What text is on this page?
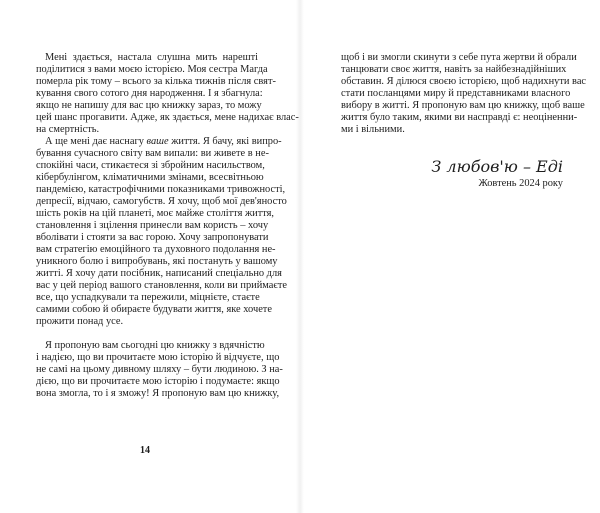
Мені здається, настала слушна мить нарешті

поділитися з вами моєю історією. Моя сестра Магда

померла рік тому – всього за кілька тижнів після свят-

кування свого сотого дня народження. І я збагнула:

якщо не напишу для вас цю книжку зараз, то можу

цей шанс прогавити. Адже, як здається, мене надихає влас-

на смертність.

А ще мені дає наснагу ваше життя. Я бачу, які випро-

бування сучасного світу вам випали: ви живете в не-

спокійні часи, стикаєтеся зі збройним насильством,

кібербулінгом, кліматичними змінами, всесвітньою

пандемією, катастрофічними показниками тривожності,

депресії, відчаю, самогубств. Я хочу, щоб мої дев'яносто

шість років на цій планеті, моє майже століття життя,

становлення і зцілення принесли вам користь – хочу

вболівати і стояти за вас горою. Хочу запропонувати

вам стратегію емоційного та духовного подолання не-

уникного болю і випробувань, які постануть у вашому

житті. Я хочу дати посібник, написаний спеціально для

вас у цей період вашого становлення, коли ви приймаєте

все, що успадкували та пережили, міцнієте, стаєте

самими собою й обираєте будувати життя, яке хочете

прожити понад усе.

Я пропоную вам сьогодні цю книжку з вдячністю

і надією, що ви прочитаєте мою історію й відчуєте, що

не самі на цьому дивному шляху – бути людиною. З на-

дією, що ви прочитаєте мою історію і подумаєте: якщо

вона змогла, то і я зможу! Я пропоную вам цю книжку,

14

щоб і ви змогли скинути з себе пута жертви й обрали

танцювати своє життя, навіть за найбезнадійніших

обставин. Я ділюся своєю історією, щоб надихнути вас

стати посланцями миру й представниками власного

вибору в житті. Я пропоную вам цю книжку, щоб ваше

життя було таким, якими ви насправді є: неоціненни-

ми і вільними.

З любов'ю – Еді

Жовтень 2024 року
